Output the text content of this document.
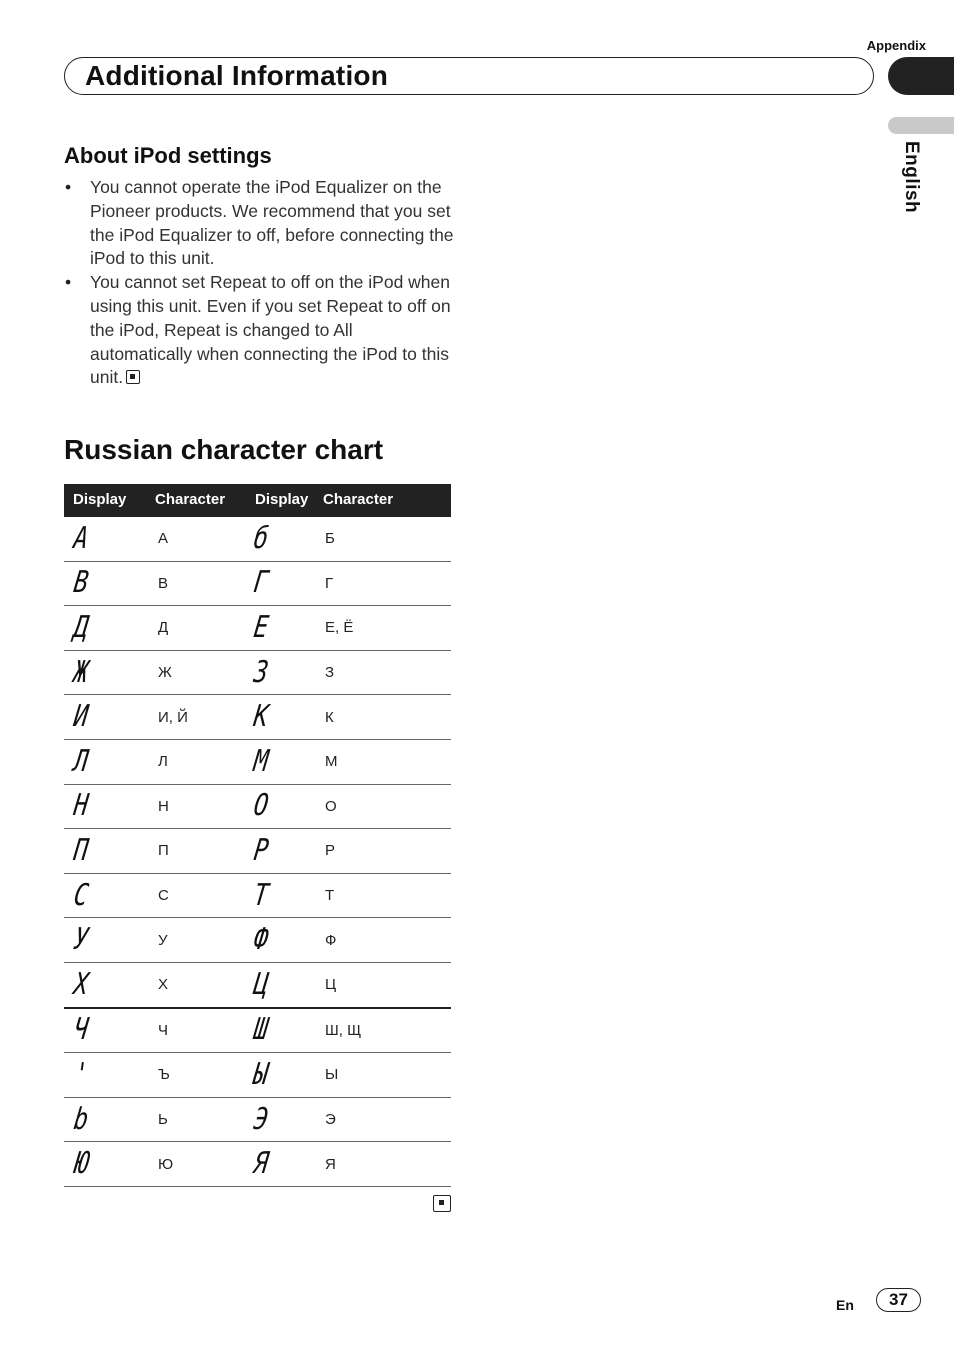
Appendix
Additional Information
English
About iPod settings
• You cannot operate the iPod Equalizer on the Pioneer products. We recommend that you set the iPod Equalizer to off, before connecting the iPod to this unit.
• You cannot set Repeat to off on the iPod when using this unit. Even if you set Repeat to off on the iPod, Repeat is changed to All automatically when connecting the iPod to this unit.
Russian character chart
Display	Character	Display	Character
A	А	б	Б
B	В	Г	Г
Д	Д	E	Е, Ё
Ж	Ж	З	З
И	И, Й	K	К
Л	Л	M	М
H	Н	O	О
П	П	P	Р
C	С	T	Т
У	У	Ф	Ф
X	Х	Ц	Ц
Ч	Ч	Ш	Ш, Щ
'	Ъ	Ы	Ы
b	Ь	Э	Э
Ю	Ю	Я	Я
En	37
